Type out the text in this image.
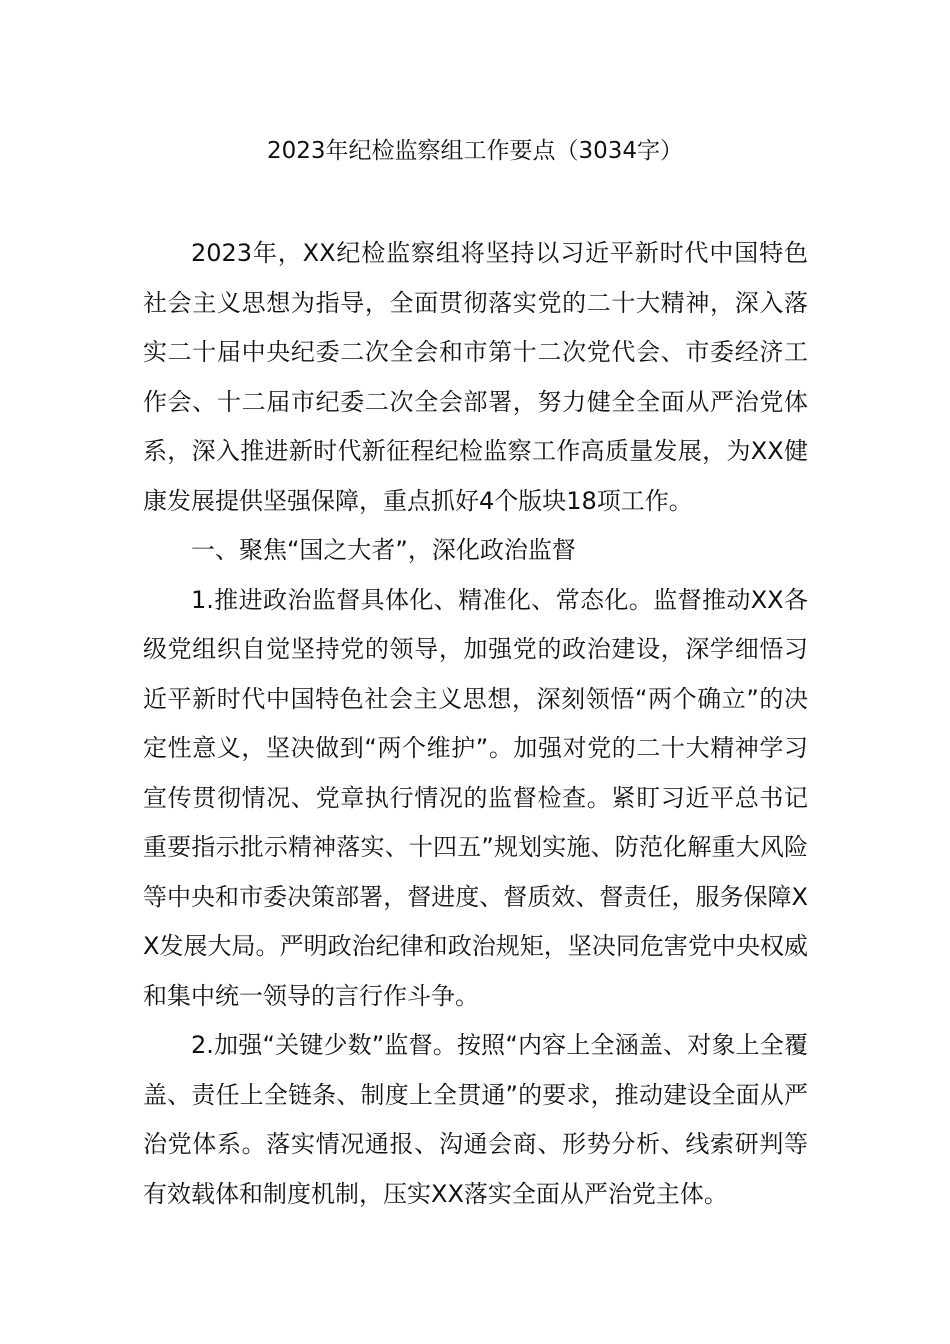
2023年纪检监察组工作要点（3034字）

2023年，XX纪检监察组将坚持以习近平新时代中国特色社会主义思想为指导，全面贯彻落实党的二十大精神，深入落实二十届中央纪委二次全会和市第十二次党代会、市委经济工作会、十二届市纪委二次全会部署，努力健全全面从严治党体系，深入推进新时代新征程纪检监察工作高质量发展，为XX健康发展提供坚强保障，重点抓好4个版块18项工作。

一、聚焦“国之大者”，深化政治监督

1.推进政治监督具体化、精准化、常态化。监督推动XX各级党组织自觉坚持党的领导，加强党的政治建设，深学细悟习近平新时代中国特色社会主义思想，深刻领悟“两个确立”的决定性意义，坚决做到“两个维护”。加强对党的二十大精神学习宣传贯彻情况、党章执行情况的监督检查。紧盯习近平总书记重要指示批示精神落实、十四五”规划实施、防范化解重大风险等中央和市委决策部署，督进度、督质效、督责任，服务保障XX发展大局。严明政治纪律和政治规矩，坚决同危害党中央权威和集中统一领导的言行作斗争。

2.加强“关键少数”监督。按照“内容上全涵盖、对象上全覆盖、责任上全链条、制度上全贯通”的要求，推动建设全面从严治党体系。落实情况通报、沟通会商、形势分析、线索研判等有效载体和制度机制，压实XX落实全面从严治党主体。
